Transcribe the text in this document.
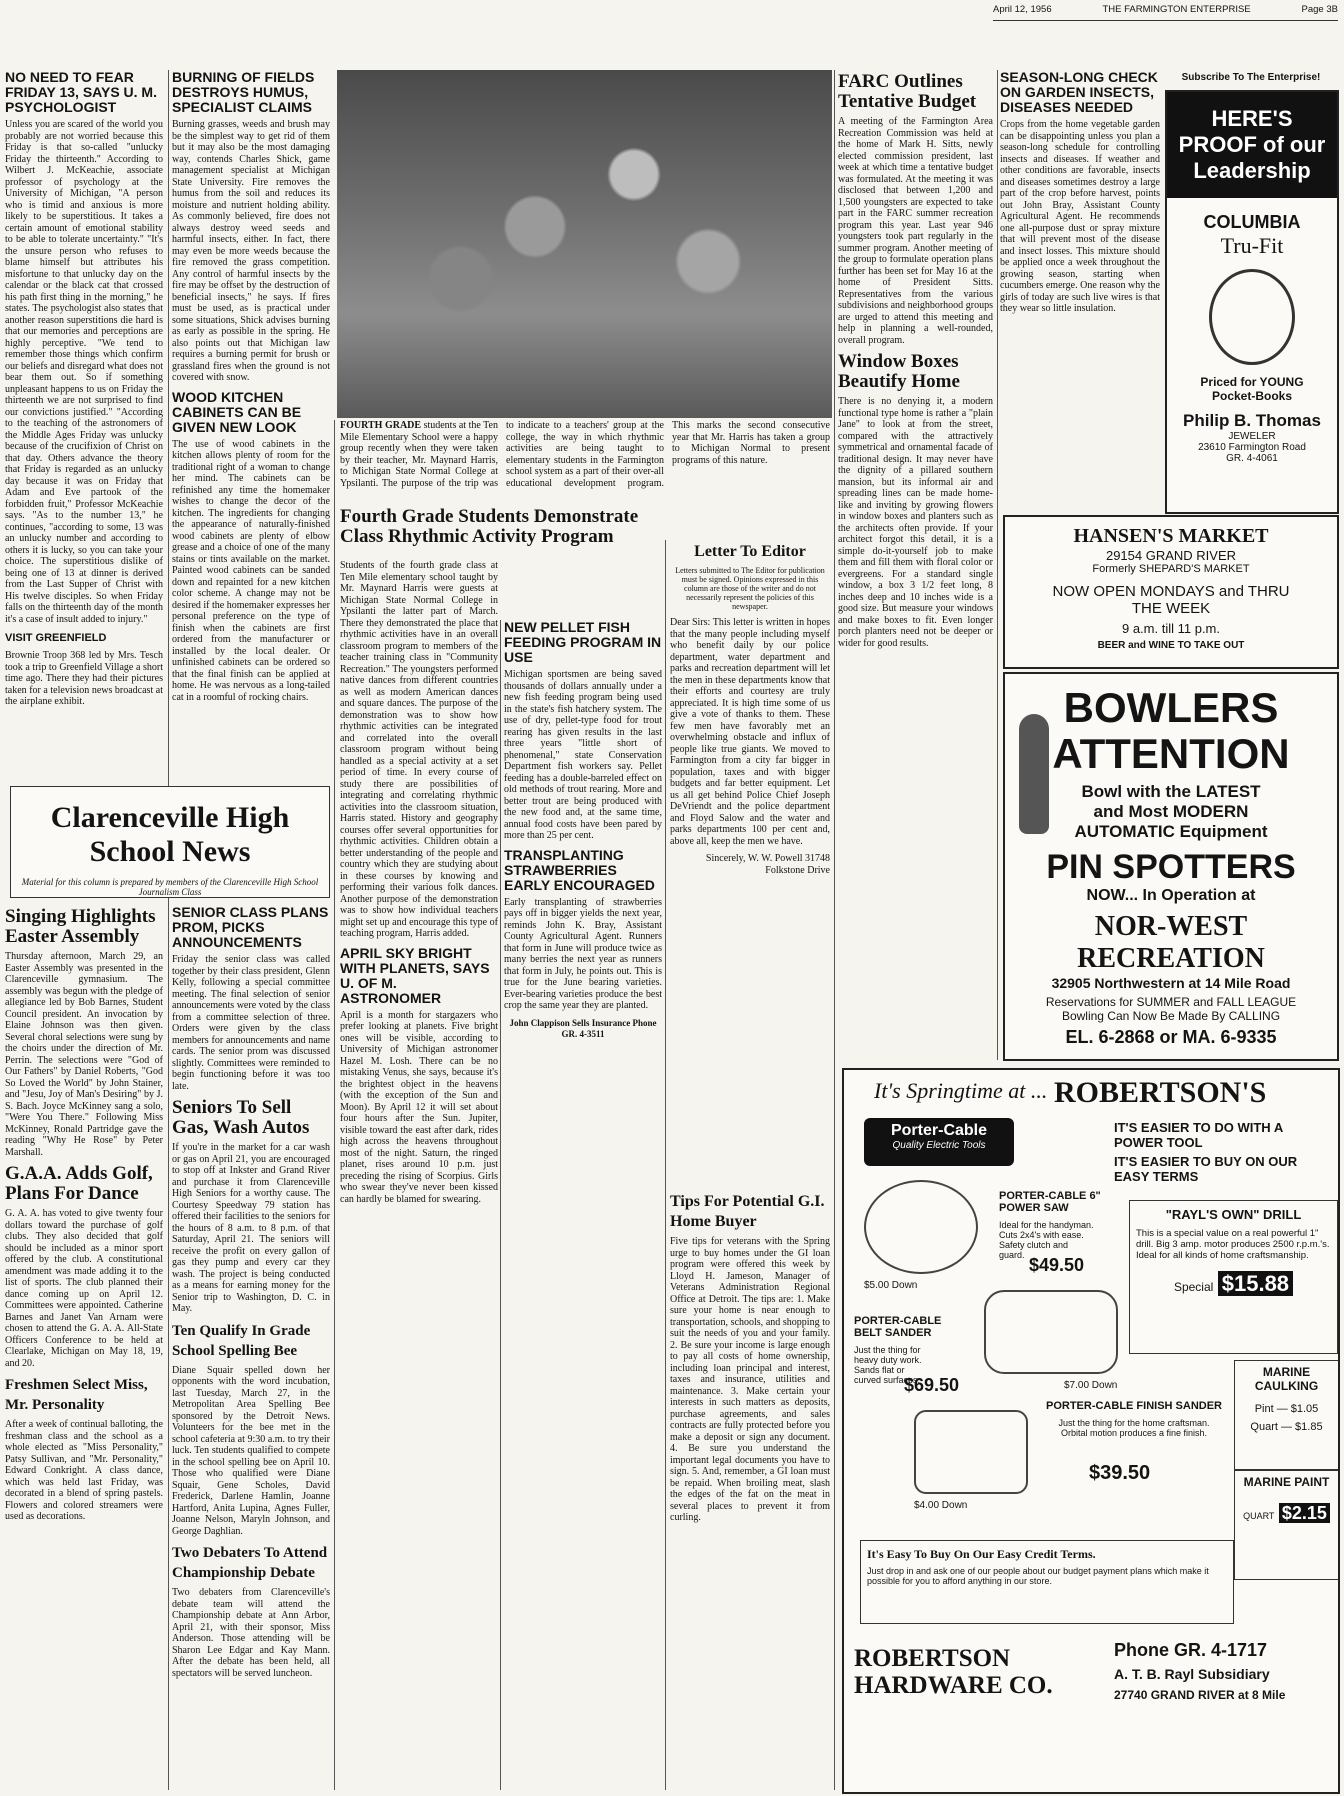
April 12, 1956	THE FARMINGTON ENTERPRISE	Page 3B
NO NEED TO FEAR FRIDAY 13, SAYS U. M. PSYCHOLOGIST

Unless you are scared of the world you probably are not worried because this Friday is that so-called "unlucky Friday the thirteenth." According to Wilbert J. McKeachie, associate professor of psychology at the University of Michigan, "A person who is timid and anxious is more likely to be superstitious. It takes a certain amount of emotional stability to be able to tolerate uncertainty." "It's the unsure person who refuses to blame himself but attributes his misfortune to that unlucky day on the calendar or the black cat that crossed his path first thing in the morning," he states. The psychologist also states that another reason superstitions die hard is that our memories and perceptions are highly perceptive. "We tend to remember those things which confirm our beliefs and disregard what does not bear them out. So if something unpleasant happens to us on Friday the thirteenth we are not surprised to find our convictions justified." "According to the teaching of the astronomers of the Middle Ages Friday was unlucky because of the crucifixion of Christ on that day. Others advance the theory that Friday is regarded as an unlucky day because it was on Friday that Adam and Eve partook of the forbidden fruit," Professor McKeachie says. "As to the number 13," he continues, "according to some, 13 was an unlucky number and according to others it is lucky, so you can take your choice. The superstitious dislike of being one of 13 at dinner is derived from the Last Supper of Christ with His twelve disciples. So when Friday falls on the thirteenth day of the month it's a case of insult added to injury."

VISIT GREENFIELD

Brownie Troop 368 led by Mrs. Tesch took a trip to Greenfield Village a short time ago. There they had their pictures taken for a television news broadcast at the airplane exhibit.

BURNING OF FIELDS DESTROYS HUMUS, SPECIALIST CLAIMS

Burning grasses, weeds and brush may be the simplest way to get rid of them but it may also be the most damaging way, contends Charles Shick, game management specialist at Michigan State University. Fire removes the humus from the soil and reduces its moisture and nutrient holding ability. As commonly believed, fire does not always destroy weed seeds and harmful insects, either. In fact, there may even be more weeds because the fire removed the grass competition. Any control of harmful insects by the fire may be offset by the destruction of beneficial insects," he says. If fires must be used, as is practical under some situations, Shick advises burning as early as possible in the spring. He also points out that Michigan law requires a burning permit for brush or grassland fires when the ground is not covered with snow.

WOOD KITCHEN CABINETS CAN BE GIVEN NEW LOOK

The use of wood cabinets in the kitchen allows plenty of room for the traditional right of a woman to change her mind. The cabinets can be refinished any time the homemaker wishes to change the decor of the kitchen. The ingredients for changing the appearance of naturally-finished wood cabinets are plenty of elbow grease and a choice of one of the many stains or tints available on the market. Painted wood cabinets can be sanded down and repainted for a new kitchen color scheme. A change may not be desired if the homemaker expresses her personal preference on the type of finish when the cabinets are first ordered from the manufacturer or installed by the local dealer. Or unfinished cabinets can be ordered so that the final finish can be applied at home. He was nervous as a long-tailed cat in a roomful of rocking chairs.

FOURTH GRADE students at the Ten Mile Elementary School were a happy group recently when they were taken by their teacher, Mr. Maynard Harris, to Michigan State Normal College at Ypsilanti. The purpose of the trip was to indicate to a teachers' group at the college, the way in which rhythmic activities are being taught to elementary students in the Farmington school system as a part of their over-all educational development program. This marks the second consecutive year that Mr. Harris has taken a group to Michigan Normal to present programs of this nature.

Fourth Grade Students Demonstrate Class Rhythmic Activity Program

Students of the fourth grade class at Ten Mile elementary school taught by Mr. Maynard Harris were guests at Michigan State Normal College in Ypsilanti the latter part of March. There they demonstrated the place that rhythmic activities have in an overall classroom program to members of the teacher training class in "Community Recreation." The youngsters performed native dances from different countries as well as modern American dances and square dances. The purpose of the demonstration was to show how rhythmic activities can be integrated and correlated into the overall classroom program without being handled as a special activity at a set period of time. In every course of study there are possibilities of integrating and correlating rhythmic activities into the classroom situation, Harris stated. History and geography courses offer several opportunities for rhythmic activities. Children obtain a better understanding of the people and country which they are studying about in these courses by knowing and performing their various folk dances. Another purpose of the demonstration was to show how individual teachers might set up and encourage this type of teaching program, Harris added.

APRIL SKY BRIGHT WITH PLANETS, SAYS U. OF M. ASTRONOMER

April is a month for stargazers who prefer looking at planets. Five bright ones will be visible, according to University of Michigan astronomer Hazel M. Losh. There can be no mistaking Venus, she says, because it's the brightest object in the heavens (with the exception of the Sun and Moon). By April 12 it will set about four hours after the Sun. Jupiter, visible toward the east after dark, rides high across the heavens throughout most of the night. Saturn, the ringed planet, rises around 10 p.m. just preceding the rising of Scorpius. Girls who swear they've never been kissed can hardly be blamed for swearing.

NEW PELLET FISH FEEDING PROGRAM IN USE

Michigan sportsmen are being saved thousands of dollars annually under a new fish feeding program being used in the state's fish hatchery system. The use of dry, pellet-type food for trout rearing has given results in the last three years "little short of phenomenal," state Conservation Department fish workers say. Pellet feeding has a double-barreled effect on old methods of trout rearing. More and better trout are being produced with the new food and, at the same time, annual food costs have been pared by more than 25 per cent.

TRANSPLANTING STRAWBERRIES EARLY ENCOURAGED

Early transplanting of strawberries pays off in bigger yields the next year, reminds John K. Bray, Assistant County Agricultural Agent. Runners that form in June will produce twice as many berries the next year as runners that form in July, he points out. This is true for the June bearing varieties. Ever-bearing varieties produce the best crop the same year they are planted.

John Clappison Sells Insurance Phone GR. 4-3511

Letter To Editor

Letters submitted to The Editor for publication must be signed. Opinions expressed in this column are those of the writer and do not necessarily represent the policies of this newspaper.

Dear Sirs: This letter is written in hopes that the many people including myself who benefit daily by our police department, water department and parks and recreation department will let the men in these departments know that their efforts and courtesy are truly appreciated. It is high time some of us give a vote of thanks to them. These few men have favorably met an overwhelming obstacle and influx of people like true giants. We moved to Farmington from a city far bigger in population, taxes and with bigger budgets and far better equipment. Let us all get behind Police Chief Joseph DeVriendt and the police department and Floyd Salow and the water and parks departments 100 per cent and, above all, keep the men we have.

Sincerely, W. W. Powell 31748 Folkstone Drive

Tips For Potential G.I. Home Buyer

Five tips for veterans with the Spring urge to buy homes under the GI loan program were offered this week by Lloyd H. Jameson, Manager of Veterans Administration Regional Office at Detroit. The tips are: 1. Make sure your home is near enough to transportation, schools, and shopping to suit the needs of you and your family. 2. Be sure your income is large enough to pay all costs of home ownership, including loan principal and interest, taxes and insurance, utilities and maintenance. 3. Make certain your interests in such matters as deposits, purchase agreements, and sales contracts are fully protected before you make a deposit or sign any document. 4. Be sure you understand the important legal documents you have to sign. 5. And, remember, a GI loan must be repaid. When broiling meat, slash the edges of the fat on the meat in several places to prevent it from curling.

FARC Outlines Tentative Budget

A meeting of the Farmington Area Recreation Commission was held at the home of Mark H. Sitts, newly elected commission president, last week at which time a tentative budget was formulated. At the meeting it was disclosed that between 1,200 and 1,500 youngsters are expected to take part in the FARC summer recreation program this year. Last year 946 youngsters took part regularly in the summer program. Another meeting of the group to formulate operation plans further has been set for May 16 at the home of President Sitts. Representatives from the various subdivisions and neighborhood groups are urged to attend this meeting and help in planning a well-rounded, overall program.

Window Boxes Beautify Home

There is no denying it, a modern functional type home is rather a "plain Jane" to look at from the street, compared with the attractively symmetrical and ornamental facade of traditional design. It may never have the dignity of a pillared southern mansion, but its informal air and spreading lines can be made home-like and inviting by growing flowers in window boxes and planters such as the architects often provide. If your architect forgot this detail, it is a simple do-it-yourself job to make them and fill them with floral color or evergreens. For a standard single window, a box 3 1/2 feet long, 8 inches deep and 10 inches wide is a good size. But measure your windows and make boxes to fit. Even longer porch planters need not be deeper or wider for good results.

SEASON-LONG CHECK ON GARDEN INSECTS, DISEASES NEEDED

Crops from the home vegetable garden can be disappointing unless you plan a season-long schedule for controlling insects and diseases. If weather and other conditions are favorable, insects and diseases sometimes destroy a large part of the crop before harvest, points out John Bray, Assistant County Agricultural Agent. He recommends one all-purpose dust or spray mixture that will prevent most of the disease and insect losses. This mixture should be applied once a week throughout the growing season, starting when cucumbers emerge. One reason why the girls of today are such live wires is that they wear so little insulation.

Clarenceville High School News
Material for this column is prepared by members of the Clarenceville High School Journalism Class
Singing Highlights Easter Assembly

Thursday afternoon, March 29, an Easter Assembly was presented in the Clarenceville gymnasium. The assembly was begun with the pledge of allegiance led by Bob Barnes, Student Council president. An invocation by Elaine Johnson was then given. Several choral selections were sung by the choirs under the direction of Mr. Perrin. The selections were "God of Our Fathers" by Daniel Roberts, "God So Loved the World" by John Stainer, and "Jesu, Joy of Man's Desiring" by J. S. Bach. Joyce McKinney sang a solo, "Were You There." Following Miss McKinney, Ronald Partridge gave the reading "Why He Rose" by Peter Marshall.

G.A.A. Adds Golf, Plans For Dance

G. A. A. has voted to give twenty four dollars toward the purchase of golf clubs. They also decided that golf should be included as a minor sport offered by the club. A constitutional amendment was made adding it to the list of sports. The club planned their dance coming up on April 12. Committees were appointed. Catherine Barnes and Janet Van Arnam were chosen to attend the G. A. A. All-State Officers Conference to be held at Clearlake, Michigan on May 18, 19, and 20.

Freshmen Select Miss, Mr. Personality

After a week of continual balloting, the freshman class and the school as a whole elected as "Miss Personality," Patsy Sullivan, and "Mr. Personality," Edward Conkright. A class dance, which was held last Friday, was decorated in a blend of spring pastels. Flowers and colored streamers were used as decorations.

SENIOR CLASS PLANS PROM, PICKS ANNOUNCEMENTS

Friday the senior class was called together by their class president, Glenn Kelly, following a special committee meeting. The final selection of senior announcements were voted by the class from a committee selection of three. Orders were given by the class members for announcements and name cards. The senior prom was discussed slightly. Committees were reminded to begin functioning before it was too late.

Seniors To Sell Gas, Wash Autos

If you're in the market for a car wash or gas on April 21, you are encouraged to stop off at Inkster and Grand River and purchase it from Clarenceville High Seniors for a worthy cause. The Courtesy Speedway 79 station has offered their facilities to the seniors for the hours of 8 a.m. to 8 p.m. of that Saturday, April 21. The seniors will receive the profit on every gallon of gas they pump and every car they wash. The project is being conducted as a means for earning money for the Senior trip to Washington, D. C. in May.

Ten Qualify In Grade School Spelling Bee

Diane Squair spelled down her opponents with the word incubation, last Tuesday, March 27, in the Metropolitan Area Spelling Bee sponsored by the Detroit News. Volunteers for the bee met in the school cafeteria at 9:30 a.m. to try their luck. Ten students qualified to compete in the school spelling bee on April 10. Those who qualified were Diane Squair, Gene Scholes, David Frederick, Darlene Hamlin, Joanne Hartford, Anita Lupina, Agnes Fuller, Joanne Nelson, Maryln Johnson, and George Daghlian.

Two Debaters To Attend Championship Debate

Two debaters from Clarenceville's debate team will attend the Championship debate at Ann Arbor, April 21, with their sponsor, Miss Anderson. Those attending will be Sharon Lee Edgar and Kay Mann. After the debate has been held, all spectators will be served luncheon.

Subscribe To The Enterprise!
HERE'S PROOF of our Leadership
COLUMBIA
Tru-Fit
Priced for YOUNG Pocket-Books
Philip B. Thomas
JEWELER
23610 Farmington Road
GR. 4-4061
HANSEN'S MARKET
29154 GRAND RIVER
Formerly SHEPARD'S MARKET
NOW OPEN MONDAYS and THRU THE WEEK
9 a.m. till 11 p.m.
BEER and WINE TO TAKE OUT
BOWLERS
ATTENTION
Bowl with the LATEST
and Most MODERN
AUTOMATIC Equipment
PIN SPOTTERS
NOW... In Operation at
NOR-WEST RECREATION
32905 Northwestern at 14 Mile Road
Reservations for SUMMER and FALL LEAGUE
Bowling Can Now Be Made By CALLING
EL. 6-2868 or MA. 6-9335
It's Springtime at ... ROBERTSON'S
Porter-Cable
Quality Electric Tools
IT'S EASIER TO DO WITH A POWER TOOL
IT'S EASIER TO BUY ON OUR EASY TERMS
$5.00 Down
PORTER-CABLE 6" POWER SAW
Ideal for the handyman. Cuts 2x4's with ease. Safety clutch and guard. $49.50
"RAYL'S OWN" DRILL
This is a special value on a real powerful 1" drill. Big 3 amp. motor produces 2500 r.p.m.'s. Ideal for all kinds of home craftsmanship.
Special $15.88
PORTER-CABLE BELT SANDER
Just the thing for heavy duty work. Sands flat or curved surfaces.
$69.50	$7.00 Down
MARINE CAULKING
Pint — $1.05
Quart — $1.85
$4.00 Down
PORTER-CABLE FINISH SANDER
Just the thing for the home craftsman. Orbital motion produces a fine finish.
$39.50	MARINE PAINT
QUART $2.15
It's Easy To Buy On Our Easy Credit Terms.
Just drop in and ask one of our people about our budget payment plans which make it possible for you to afford anything in our store.
ROBERTSON HARDWARE CO.
Phone GR. 4-1717
A. T. B. Rayl Subsidiary
27740 GRAND RIVER at 8 Mile
